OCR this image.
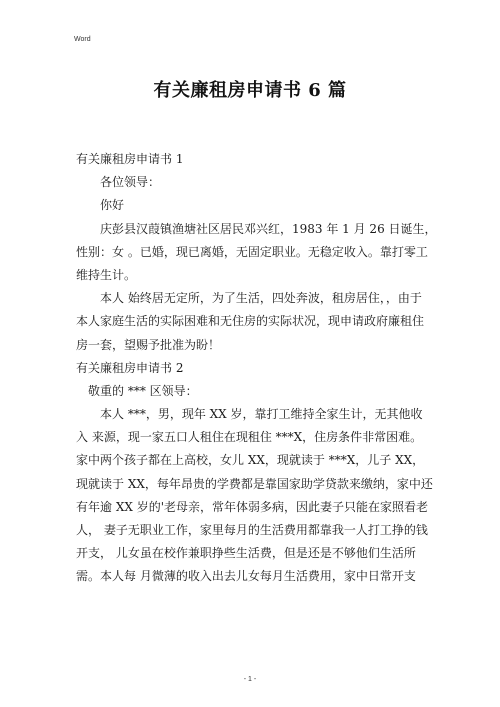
Word
有关廉租房申请书 6 篇
有关廉租房申请书 1
　　各位领导：
　　你好
　　庆彭县汉葭镇渔塘社区居民邓兴红，1983 年 1 月 26 日诞生，
性别：女 。已婚，现已离婚，无固定职业。无稳定收入。靠打零工
维持生计。
　　本人 始终居无定所，为了生活，四处奔波，租房居住，，由于
本人家庭生活的实际困难和无住房的实际状况，现申请政府廉租住
房一套，望赐予批准为盼！
有关廉租房申请书 2
　敬重的 *** 区领导：
　　本人 ***，男，现年 XX 岁，靠打工维持全家生计，无其他收
入 来源，现一家五口人租住在现租住 ***X，住房条件非常困难。
家中两个孩子都在上高校，女儿 XX，现就读于 ***X，儿子 XX，
现就读于 XX，每年昂贵的学费都是靠国家助学贷款来缴纳，家中还
有年逾 XX 岁的'老母亲，常年体弱多病，因此妻子只能在家照看老
人， 妻子无职业工作，家里每月的生活费用都靠我一人打工挣的钱
开支， 儿女虽在校作兼职挣些生活费，但是还是不够他们生活所
需。本人每 月微薄的收入出去儿女每月生活费用，家中日常开支
- 1 -
